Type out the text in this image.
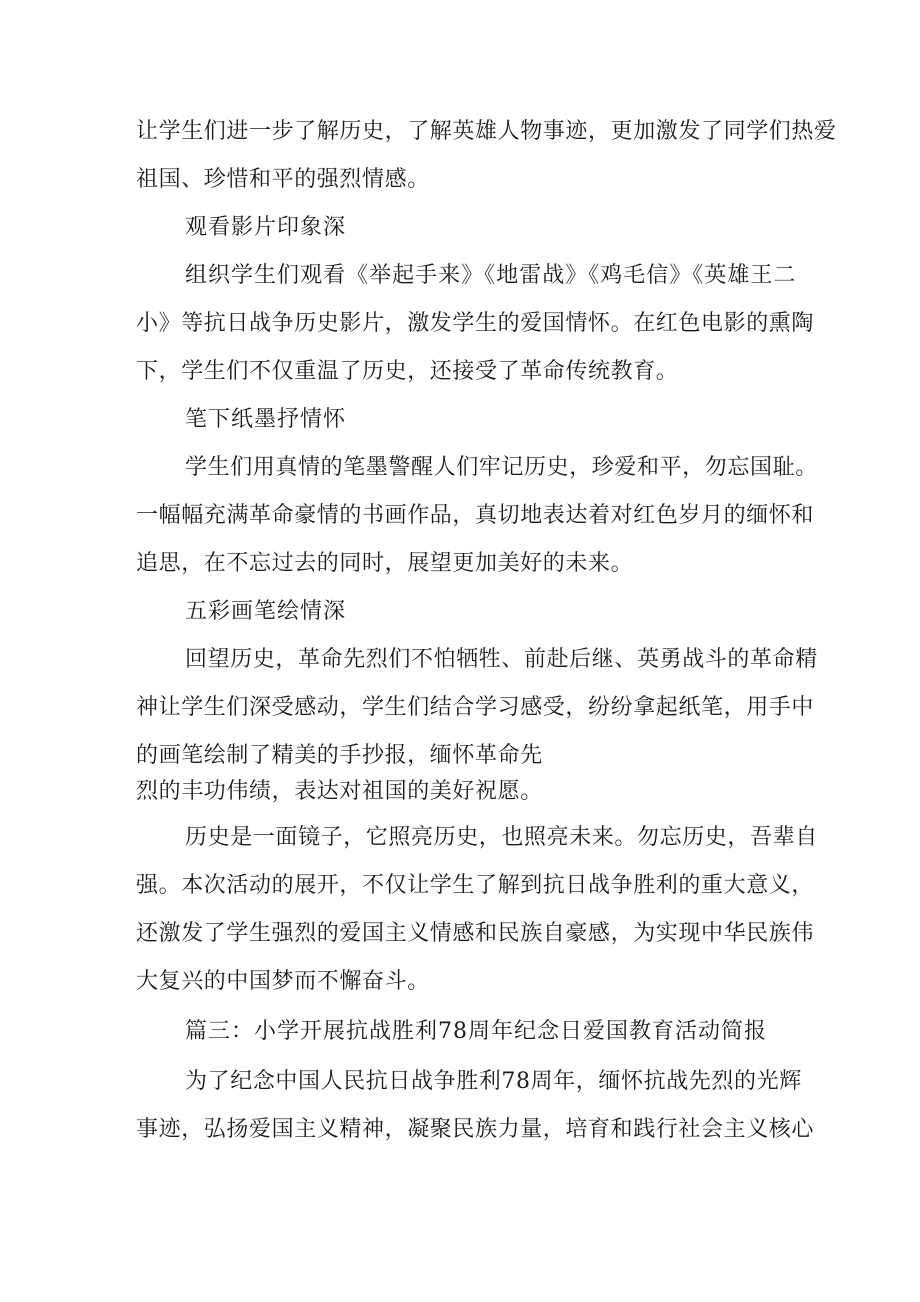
让学生们进一步了解历史，了解英雄人物事迹，更加激发了同学们热爱
祖国、珍惜和平的强烈情感。
观看影片印象深
组织学生们观看《举起手来》《地雷战》《鸡毛信》《英雄王二
小》等抗日战争历史影片，激发学生的爱国情怀。在红色电影的熏陶
下，学生们不仅重温了历史，还接受了革命传统教育。
笔下纸墨抒情怀
学生们用真情的笔墨警醒人们牢记历史，珍爱和平，勿忘国耻。
一幅幅充满革命豪情的书画作品，真切地表达着对红色岁月的缅怀和
追思，在不忘过去的同时，展望更加美好的未来。
五彩画笔绘情深
回望历史，革命先烈们不怕牺牲、前赴后继、英勇战斗的革命精
神让学生们深受感动，学生们结合学习感受，纷纷拿起纸笔，用手中
的画笔绘制了精美的手抄报，缅怀革命先
烈的丰功伟绩，表达对祖国的美好祝愿。
历史是一面镜子，它照亮历史，也照亮未来。勿忘历史，吾辈自
强。本次活动的展开，不仅让学生了解到抗日战争胜利的重大意义，
还激发了学生强烈的爱国主义情感和民族自豪感，为实现中华民族伟
大复兴的中国梦而不懈奋斗。
篇三：小学开展抗战胜利78周年纪念日爱国教育活动简报
为了纪念中国人民抗日战争胜利78周年，缅怀抗战先烈的光辉
事迹，弘扬爱国主义精神，凝聚民族力量，培育和践行社会主义核心
